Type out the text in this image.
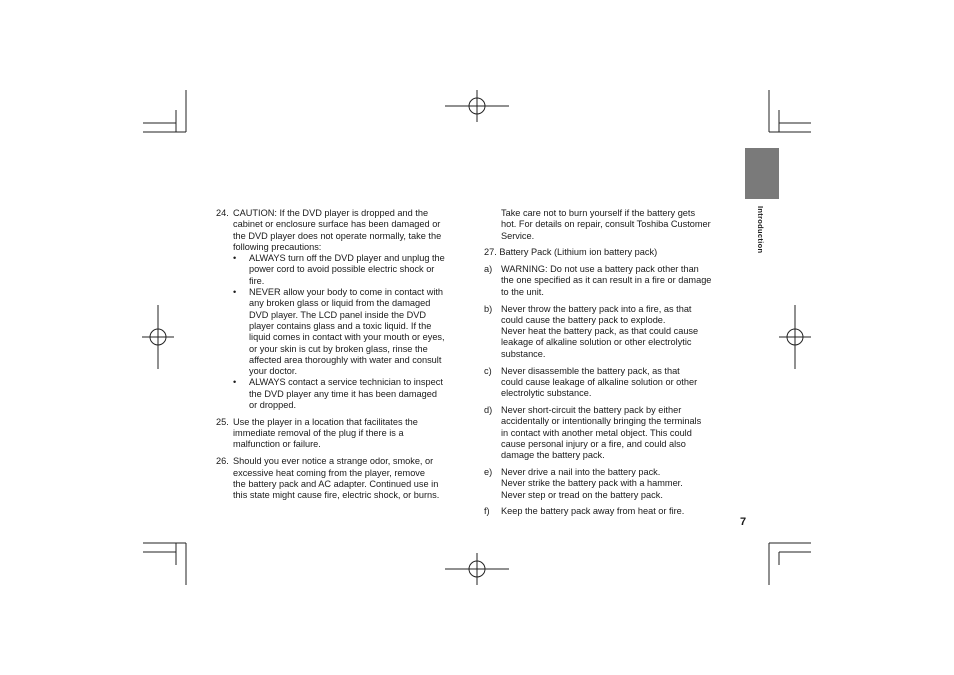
Introduction
24. CAUTION: If the DVD player is dropped and the
cabinet or enclosure surface has been damaged or
the DVD player does not operate normally, take the
following precautions:
• ALWAYS turn off the DVD player and unplug the
power cord to avoid possible electric shock or
fire.
• NEVER allow your body to come in contact with
any broken glass or liquid from the damaged
DVD player. The LCD panel inside the DVD
player contains glass and a toxic liquid. If the
liquid comes in contact with your mouth or eyes,
or your skin is cut by broken glass, rinse the
affected area thoroughly with water and consult
your doctor.
• ALWAYS contact a service technician to inspect
the DVD player any time it has been damaged
or dropped.
25. Use the player in a location that facilitates the
immediate removal of the plug if there is a
malfunction or failure.
26. Should you ever notice a strange odor, smoke, or
excessive heat coming from the player, remove
the battery pack and AC adapter. Continued use in
this state might cause fire, electric shock, or burns.
Take care not to burn yourself if the battery gets
hot. For details on repair, consult Toshiba Customer
Service.
27. Battery Pack (Lithium ion battery pack)
a) WARNING: Do not use a battery pack other than
the one specified as it can result in a fire or damage
to the unit.
b) Never throw the battery pack into a fire, as that
could cause the battery pack to explode.
Never heat the battery pack, as that could cause
leakage of alkaline solution or other electrolytic
substance.
c) Never disassemble the battery pack, as that
could cause leakage of alkaline solution or other
electrolytic substance.
d) Never short-circuit the battery pack by either
accidentally or intentionally bringing the terminals
in contact with another metal object. This could
cause personal injury or a fire, and could also
damage the battery pack.
e) Never drive a nail into the battery pack.
Never strike the battery pack with a hammer.
Never step or tread on the battery pack.
f) Keep the battery pack away from heat or fire.
7
